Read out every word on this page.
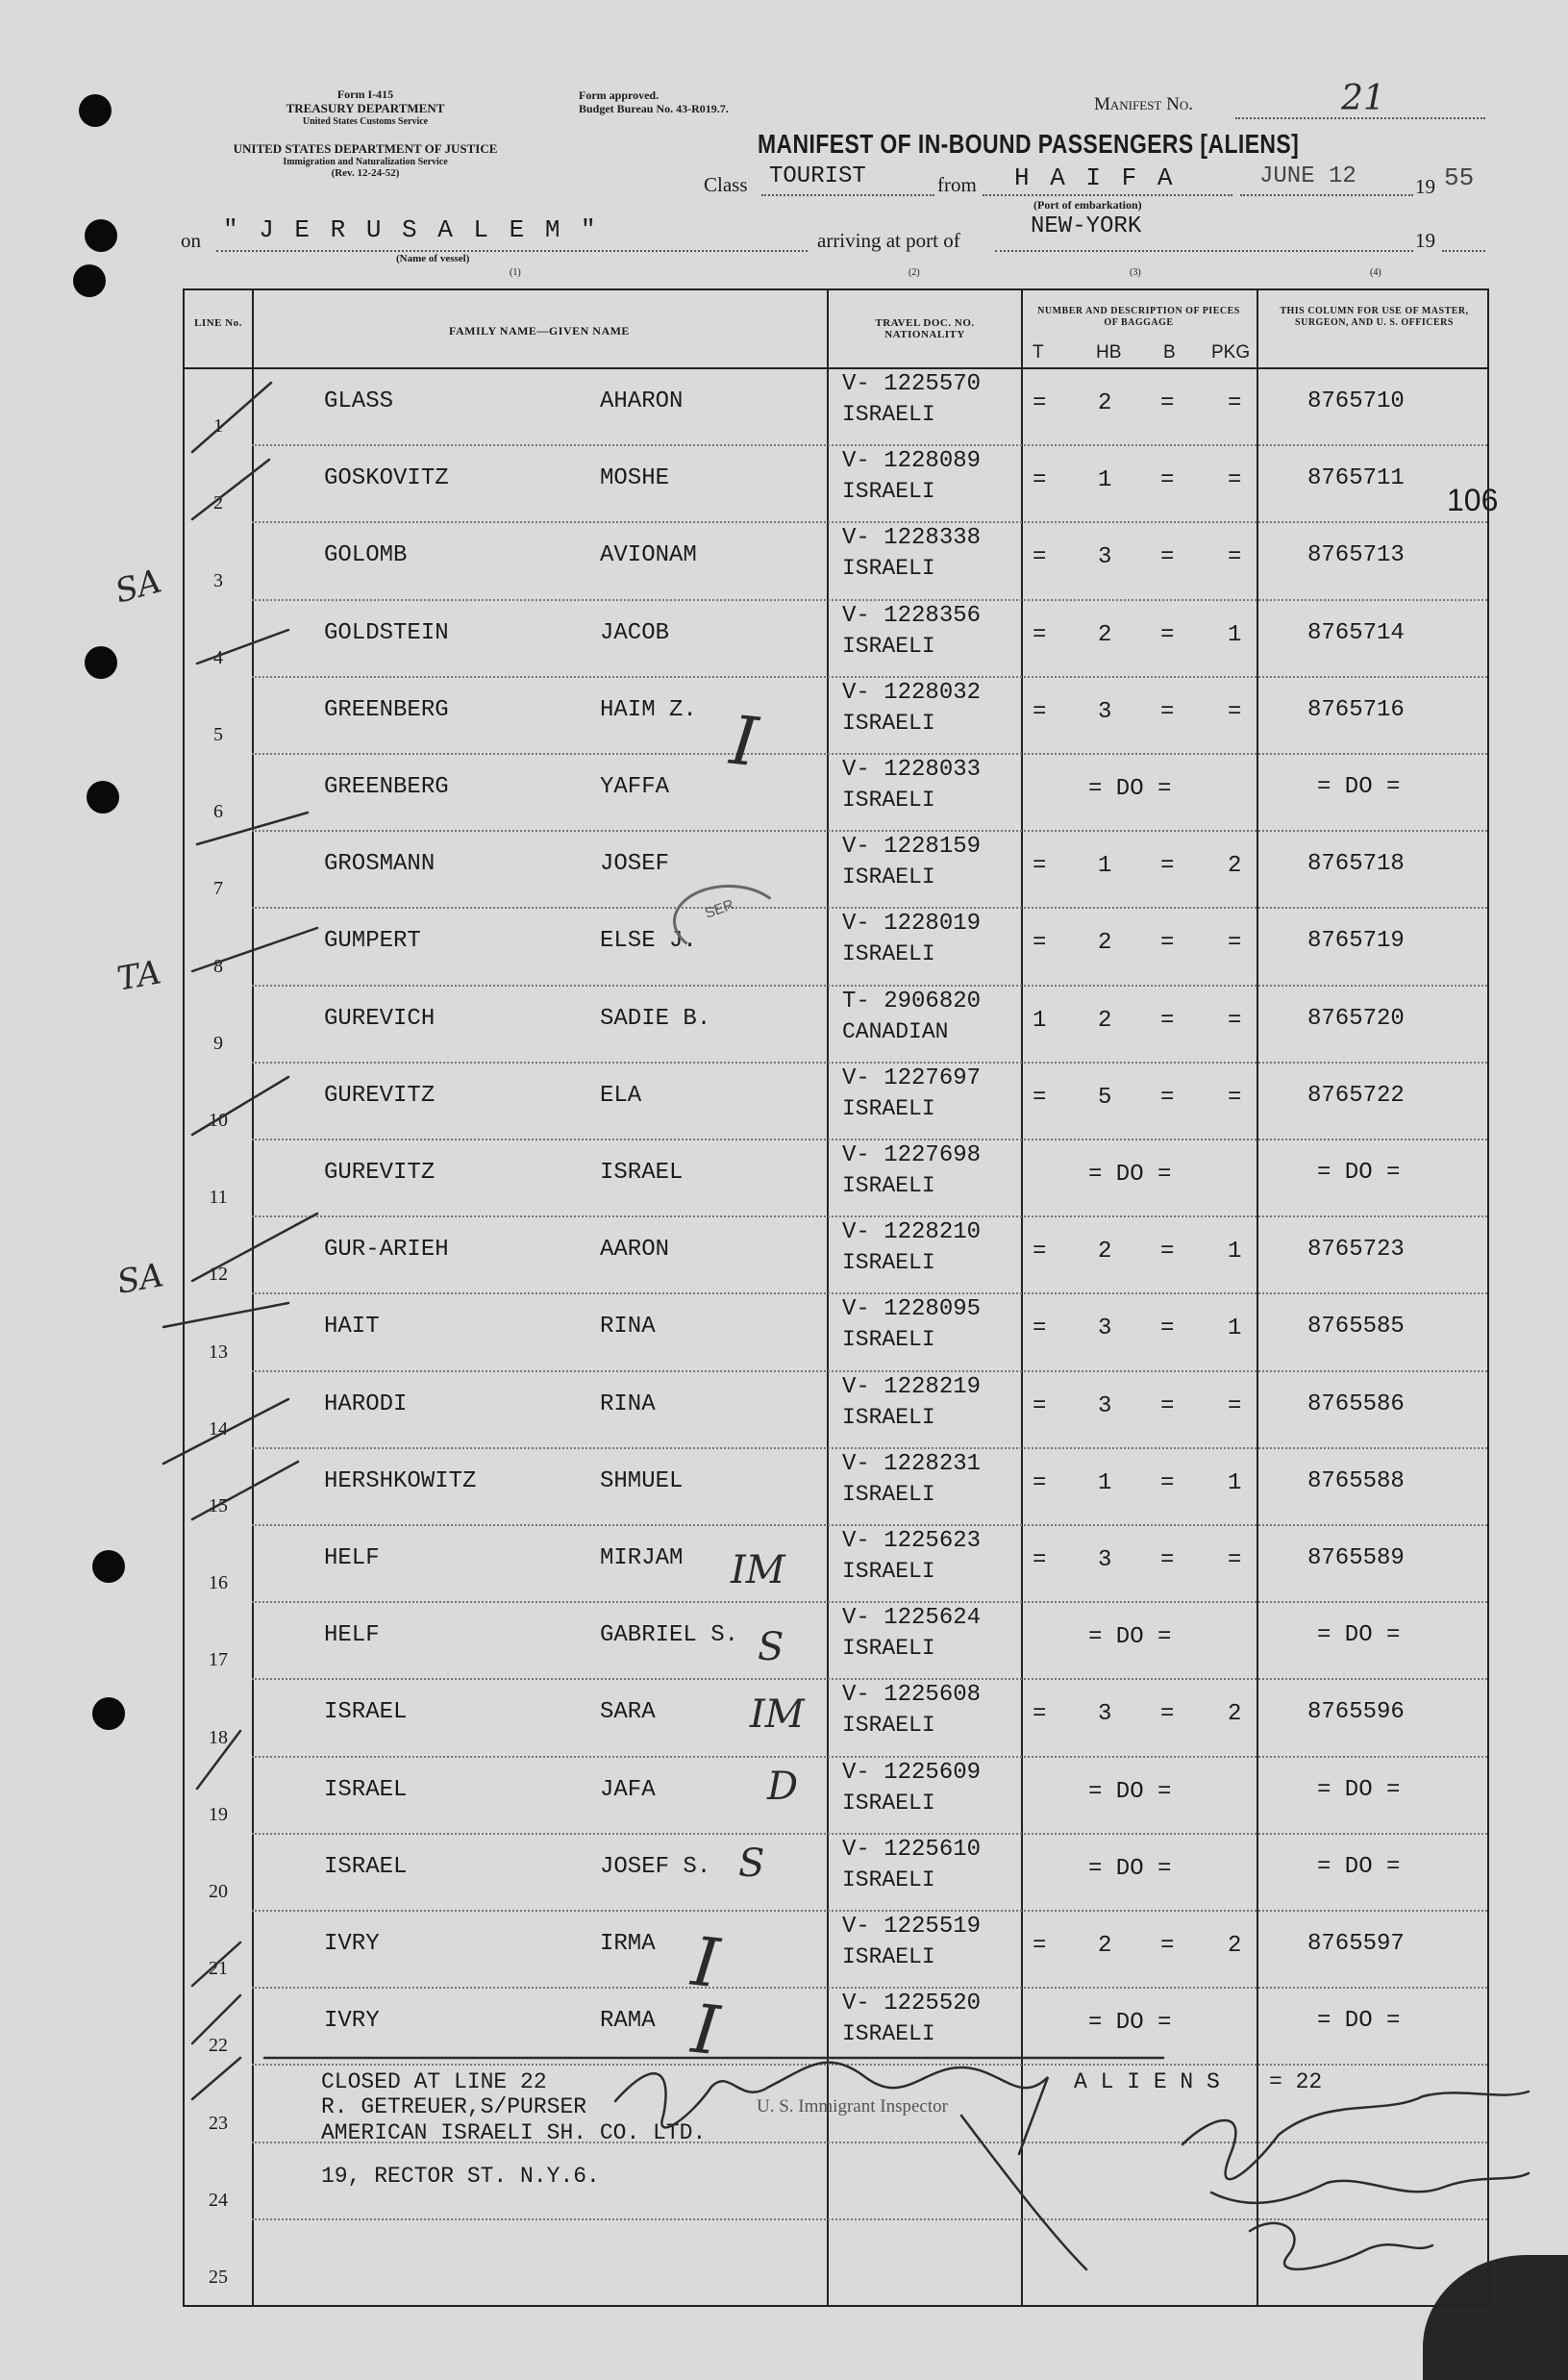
Form I-415
TREASURY DEPARTMENT
United States Customs Service
UNITED STATES DEPARTMENT OF JUSTICE
Immigration and Naturalization Service
(Rev. 12-24-52)
Form approved.
Budget Bureau No. 43-R019.7.	Manifest No.	21
MANIFEST OF IN-BOUND PASSENGERS [ALIENS]
Class TOURIST	from H A I F A	JUNE 12	19 55
(Port of embarkation)
on " J E R U S A L E M "
(Name of vessel)
arriving at port of
NEW-YORK
19
(1)	(2)	(3)	(4)
106
SA
TA
SA
LINE No.
FAMILY NAME—GIVEN NAME
TRAVEL DOC. NO. NATIONALITY
NUMBER AND DESCRIPTION OF PIECES OF BAGGAGE
T	HB B PKG
THIS COLUMN FOR USE OF MASTER, SURGEON, AND U. S. OFFICERS
1
GLASS	AHARON
V- 1225570
ISRAELI	= 2 = =	8765710
2
GOSKOVITZ	MOSHE
V- 1228089
ISRAELI	= 1 = =	8765711
3
GOLOMB	AVIONAM
V- 1228338
ISRAELI	= 3 = =	8765713
4
GOLDSTEIN	JACOB
V- 1228356
ISRAELI	= 2 = 1	8765714
5
GREENBERG	HAIM Z.
V- 1228032
ISRAELI	= 3 = =	8765716
6
GREENBERG	YAFFA
V- 1228033
ISRAELI	= DO =	= DO =
7
GROSMANN	JOSEF
V- 1228159
ISRAELI	= 1 = 2	8765718
8
GUMPERT	ELSE J.
V- 1228019
ISRAELI	= 2 = =	8765719
9
GUREVICH	SADIE B.
T- 2906820
CANADIAN	1 2 = =	8765720
10
GUREVITZ	ELA
V- 1227697
ISRAELI	= 5 = =	8765722
11
GUREVITZ	ISRAEL
V- 1227698
ISRAELI	= DO =	= DO =
12
GUR-ARIEH	AARON
V- 1228210
ISRAELI	= 2 = 1	8765723
13
HAIT	RINA
V- 1228095
ISRAELI	= 3 = 1	8765585
14
HARODI	RINA
V- 1228219
ISRAELI	= 3 = =	8765586
15
HERSHKOWITZ	SHMUEL
V- 1228231
ISRAELI	= 1 = 1	8765588
16
HELF	MIRJAM
V- 1225623
ISRAELI	= 3 = =	8765589
17
HELF	GABRIEL S.
V- 1225624
ISRAELI	= DO =	= DO =
18
ISRAEL	SARA
V- 1225608
ISRAELI	= 3 = 2	8765596
19
ISRAEL	JAFA
V- 1225609
ISRAELI	= DO =	= DO =
20
ISRAEL	JOSEF S.
V- 1225610
ISRAELI	= DO =	= DO =
21
IVRY	IRMA
V- 1225519
ISRAELI	= 2 = 2	8765597
22
IVRY	RAMA
V- 1225520
ISRAELI	= DO =	= DO =
23
24
25
CLOSED AT LINE 22
R. GETREUER,S/PURSER
AMERICAN ISRAELI SH. CO. LTD.
19, RECTOR ST. N.Y.6.
A L I E N S = 22
U. S. Immigrant Inspector
SER
I
IM
S
IM
D
S
I
I
